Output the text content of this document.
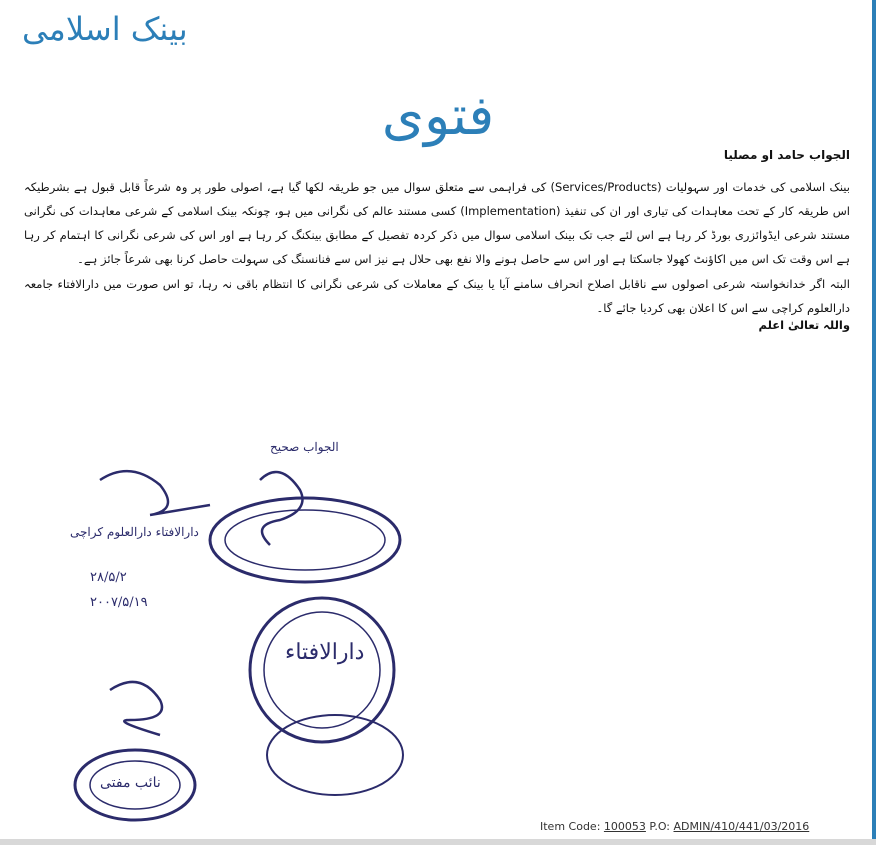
بینک اسلامی
فتوی
الجواب حامد او مصلیا
بینک اسلامی کی خدمات اور سہولیات (Services/Products) کی فراہمی سے متعلق سوال میں جو طریقہ لکھا گیا ہے، اصولی طور پر وہ شرعاً قابل قبول ہے بشرطیکہ اس طریقہ کار کے تحت معاہدات کی تیاری اور ان کی تنفیذ (Implementation) کسی مستند عالم کی نگرانی میں ہو، چونکہ بینک اسلامی کے شرعی معاہدات کی نگرانی مستند شرعی ایڈوائزری بورڈ کر رہا ہے اس لئے جب تک بینک اسلامی سوال میں ذکر کردہ تفصیل کے مطابق بینکنگ کر رہا ہے اور اس کی شرعی نگرانی کا اہتمام کر رہا ہے اس وقت تک اس میں اکاؤنٹ کھولا جاسکتا ہے اور اس سے حاصل ہونے والا نفع بھی حلال ہے نیز اس سے فنانسنگ کی سہولت حاصل کرنا بھی شرعاً جائز ہے۔
البتہ اگر خدانخواستہ شرعی اصولوں سے ناقابل اصلاح انحراف سامنے آیا یا بینک کے معاملات کی شرعی نگرانی کا انتظام باقی نہ رہا، تو اس صورت میں دارالافتاء جامعہ دارالعلوم کراچی سے اس کا اعلان بھی کردیا جائے گا۔
واللہ تعالیٰ اعلم
دارالافتاء دارالعلوم کراچی
الجواب صحیح
۲۸/۵/۲
۲۰۰۷/۵/۱۹
دارالافتاء
نائب مفتی
Item Code: 100053 P.O: ADMIN/410/441/03/2016
